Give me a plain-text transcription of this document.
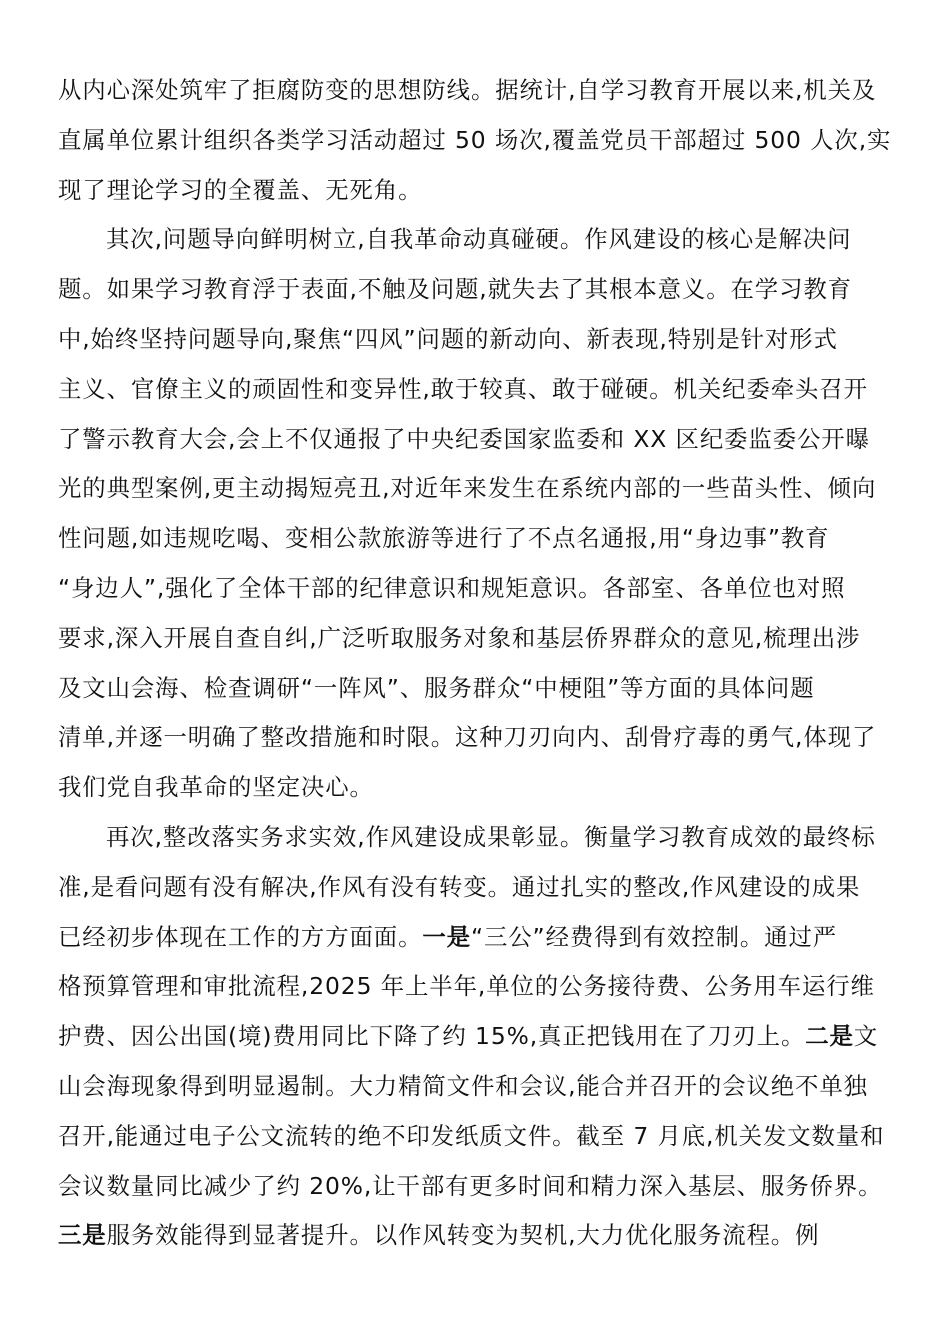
从内心深处筑牢了拒腐防变的思想防线。据统计,自学习教育开展以来,机关及
直属单位累计组织各类学习活动超过 50 场次,覆盖党员干部超过 500 人次,实
现了理论学习的全覆盖、无死角。
其次,问题导向鲜明树立,自我革命动真碰硬。作风建设的核心是解决问
题。如果学习教育浮于表面,不触及问题,就失去了其根本意义。在学习教育
中,始终坚持问题导向,聚焦“四风”问题的新动向、新表现,特别是针对形式
主义、官僚主义的顽固性和变异性,敢于较真、敢于碰硬。机关纪委牵头召开
了警示教育大会,会上不仅通报了中央纪委国家监委和 XX 区纪委监委公开曝
光的典型案例,更主动揭短亮丑,对近年来发生在系统内部的一些苗头性、倾向
性问题,如违规吃喝、变相公款旅游等进行了不点名通报,用“身边事”教育
“身边人”,强化了全体干部的纪律意识和规矩意识。各部室、各单位也对照
要求,深入开展自查自纠,广泛听取服务对象和基层侨界群众的意见,梳理出涉
及文山会海、检查调研“一阵风”、服务群众“中梗阻”等方面的具体问题
清单,并逐一明确了整改措施和时限。这种刀刃向内、刮骨疗毒的勇气,体现了
我们党自我革命的坚定决心。
再次,整改落实务求实效,作风建设成果彰显。衡量学习教育成效的最终标
准,是看问题有没有解决,作风有没有转变。通过扎实的整改,作风建设的成果
已经初步体现在工作的方方面面。一是“三公”经费得到有效控制。通过严
格预算管理和审批流程,2025 年上半年,单位的公务接待费、公务用车运行维
护费、因公出国(境)费用同比下降了约 15%,真正把钱用在了刀刃上。二是文
山会海现象得到明显遏制。大力精简文件和会议,能合并召开的会议绝不单独
召开,能通过电子公文流转的绝不印发纸质文件。截至 7 月底,机关发文数量和
会议数量同比减少了约 20%,让干部有更多时间和精力深入基层、服务侨界。
三是服务效能得到显著提升。以作风转变为契机,大力优化服务流程。例
